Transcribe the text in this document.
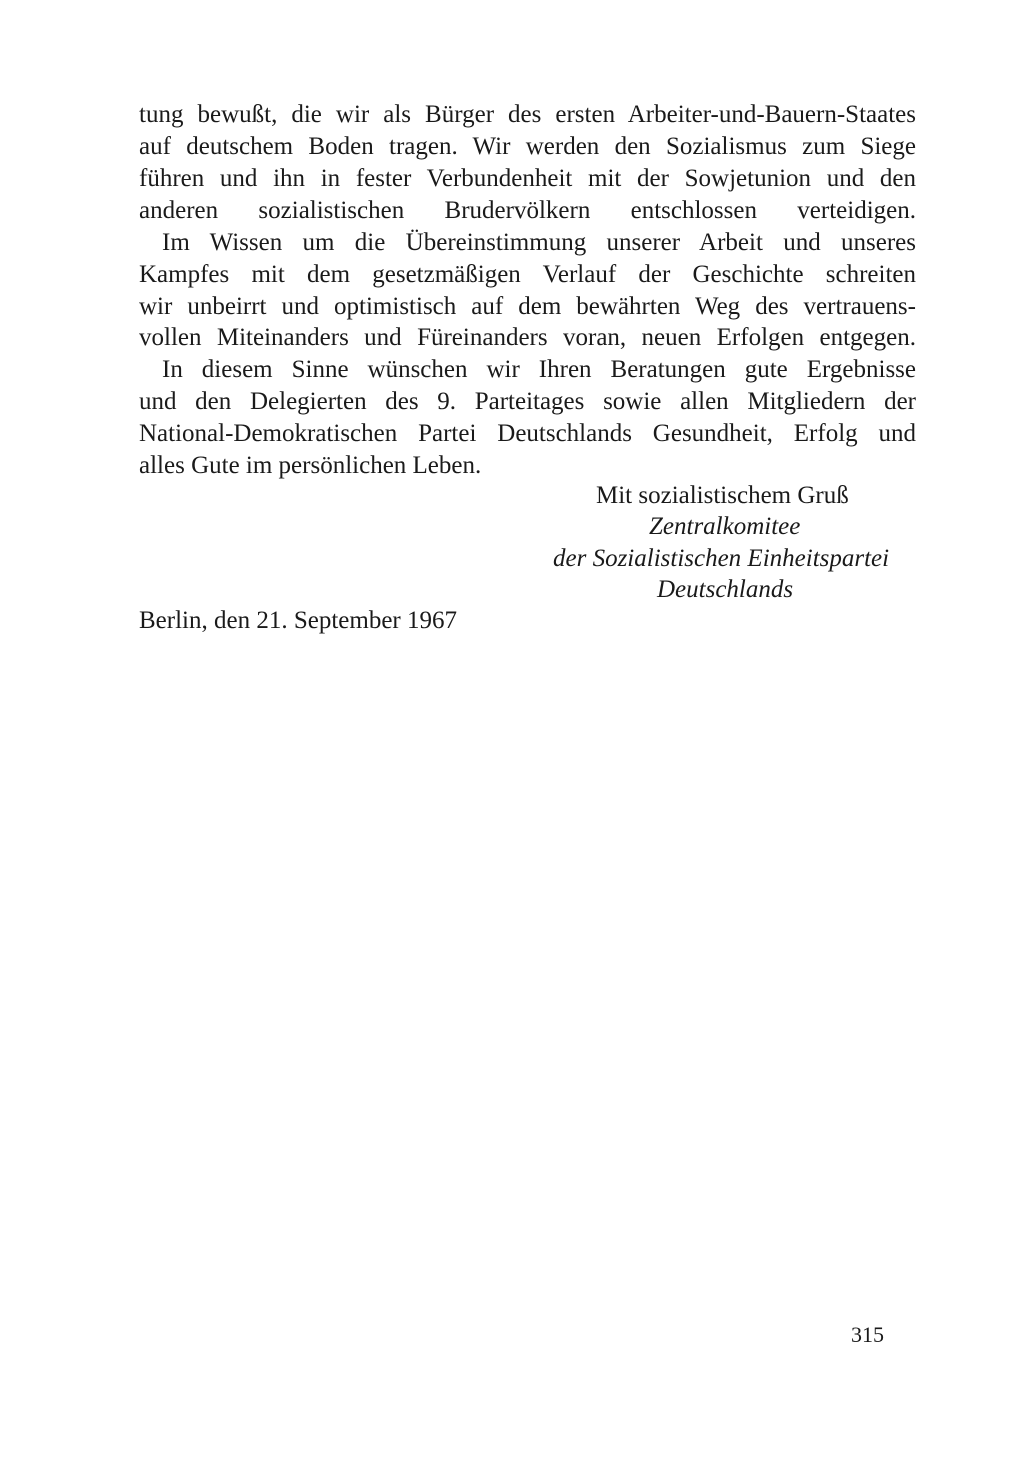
tung bewußt, die wir als Bürger des ersten Arbeiter-und-Bauern-Staates
auf deutschem Boden tragen. Wir werden den Sozialismus zum Siege
führen und ihn in fester Verbundenheit mit der Sowjetunion und den
anderen sozialistischen Brudervölkern entschlossen verteidigen.
Im Wissen um die Übereinstimmung unserer Arbeit und unseres
Kampfes mit dem gesetzmäßigen Verlauf der Geschichte schreiten
wir unbeirrt und optimistisch auf dem bewährten Weg des vertrauens-
vollen Miteinanders und Füreinanders voran, neuen Erfolgen entgegen.
In diesem Sinne wünschen wir Ihren Beratungen gute Ergebnisse
und den Delegierten des 9. Parteitages sowie allen Mitgliedern der
National-Demokratischen Partei Deutschlands Gesundheit, Erfolg und
alles Gute im persönlichen Leben.
Mit sozialistischem Gruß
Zentralkomitee
der Sozialistischen Einheitspartei
Deutschlands
Berlin, den 21. September 1967
315
